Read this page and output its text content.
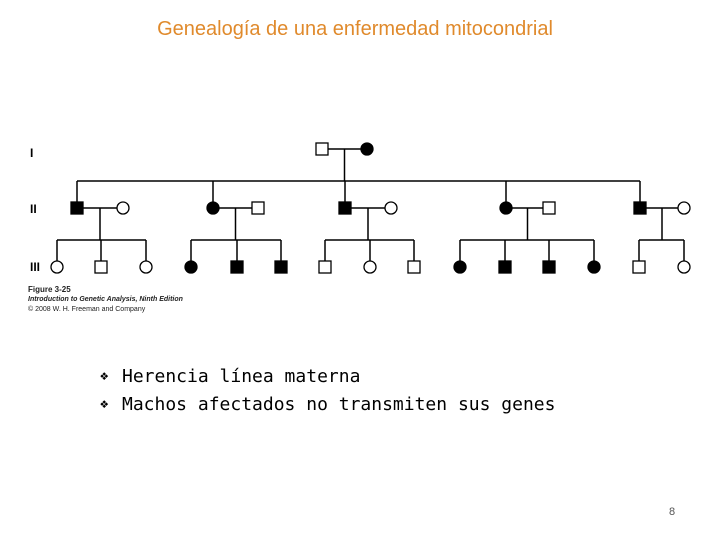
Genealogía de una enfermedad mitocondrial
I
II
III
Figure 3-25
Introduction to Genetic Analysis, Ninth Edition
© 2008 W. H. Freeman and Company
❖ Herencia línea materna
❖ Machos afectados no transmiten sus genes
8
